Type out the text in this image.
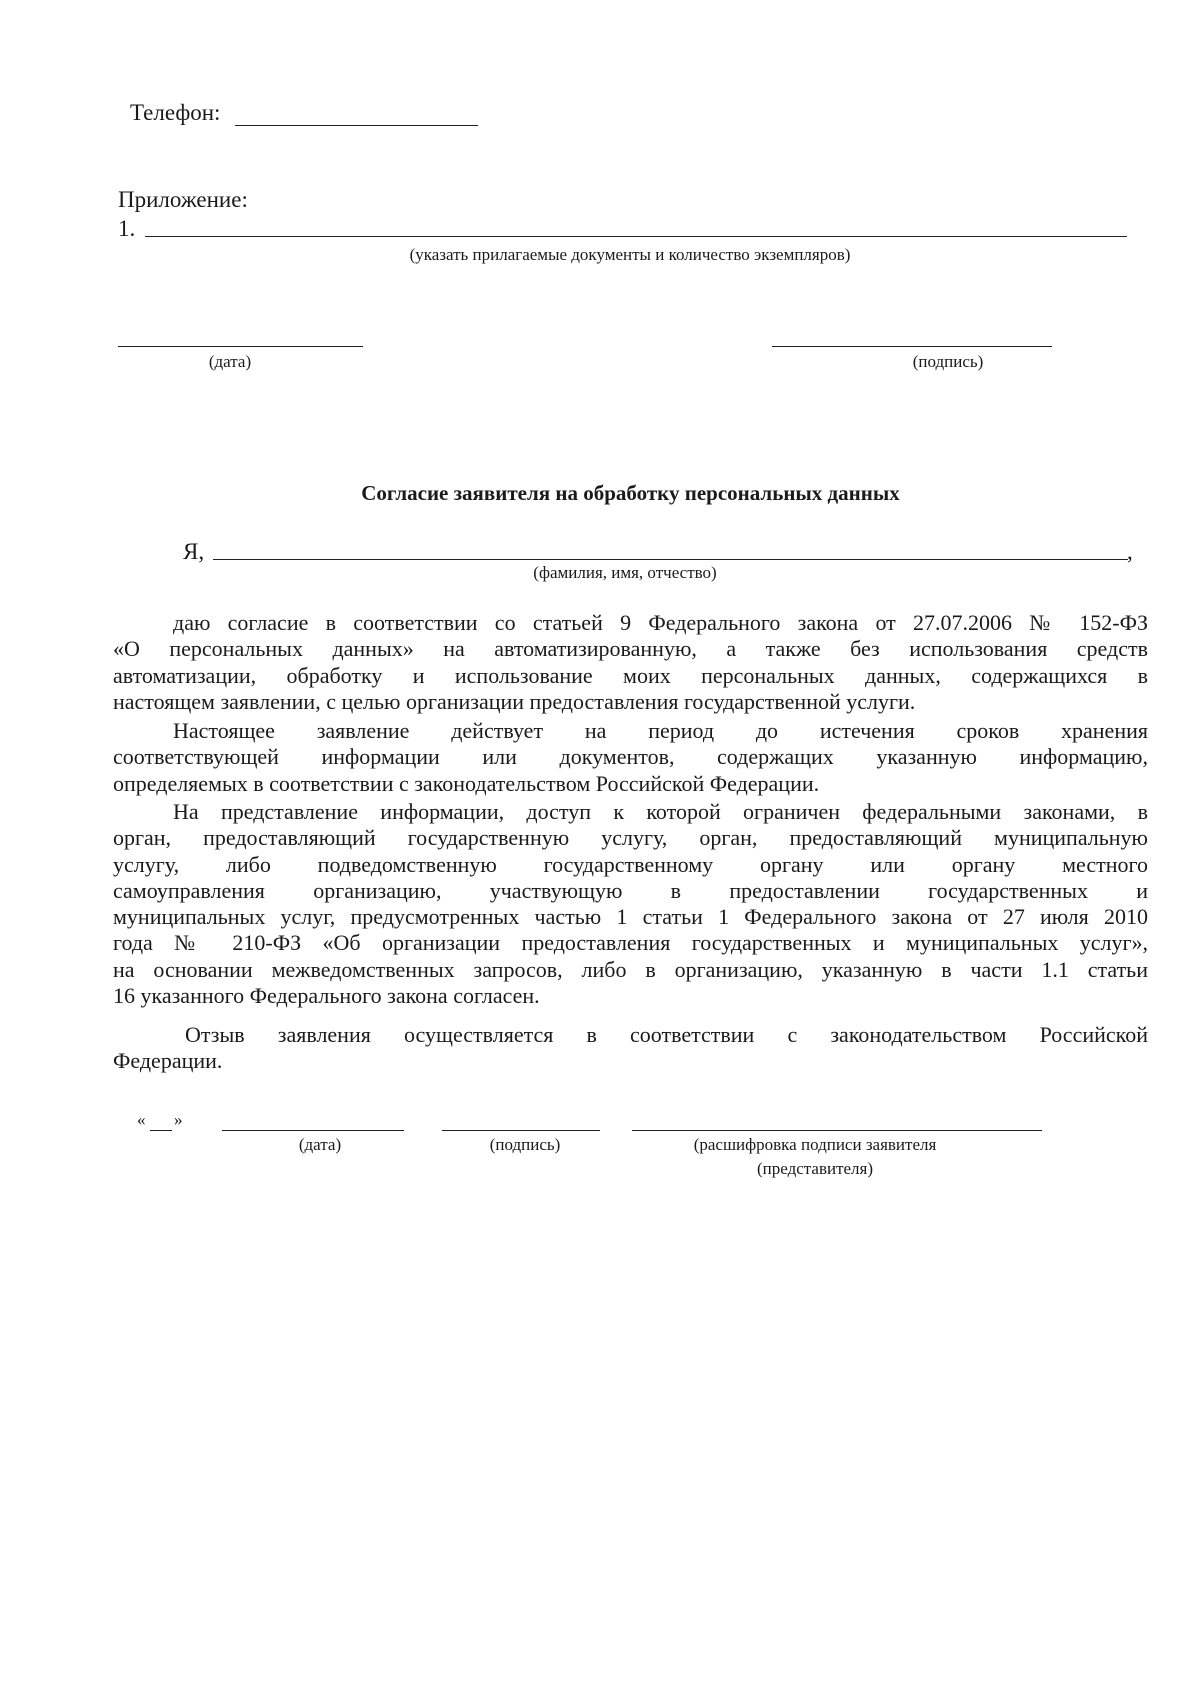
Телефон:
Приложение:
1.
(указать прилагаемые документы и количество экземпляров)
(дата)	(подпись)
Согласие заявителя на обработку персональных данных
Я,	,
(фамилия, имя, отчество)

даю согласие в соответствии со статьей 9 Федерального закона от 27.07.2006 № 152-ФЗ

«О персональных данных» на автоматизированную, а также без использования средств

автоматизации, обработку и использование моих персональных данных, содержащихся в

настоящем заявлении, с целью организации предоставления государственной услуги.

Настоящее заявление действует на период до истечения сроков хранения

соответствующей информации или документов, содержащих указанную информацию,

определяемых в соответствии с законодательством Российской Федерации.

На представление информации, доступ к которой ограничен федеральными законами, в

орган, предоставляющий государственную услугу, орган, предоставляющий муниципальную

услугу, либо подведомственную государственному органу или органу местного

самоуправления организацию, участвующую в предоставлении государственных и

муниципальных услуг, предусмотренных частью 1 статьи 1 Федерального закона от 27 июля 2010

года № 210-ФЗ «Об организации предоставления государственных и муниципальных услуг»,

на основании межведомственных запросов, либо в организацию, указанную в части 1.1 статьи

16 указанного Федерального закона согласен.

Отзыв заявления осуществляется в соответствии с законодательством Российской

Федерации.

« »
(дата)	(подпись)	(расшифровка подписи заявителя
(представителя)
